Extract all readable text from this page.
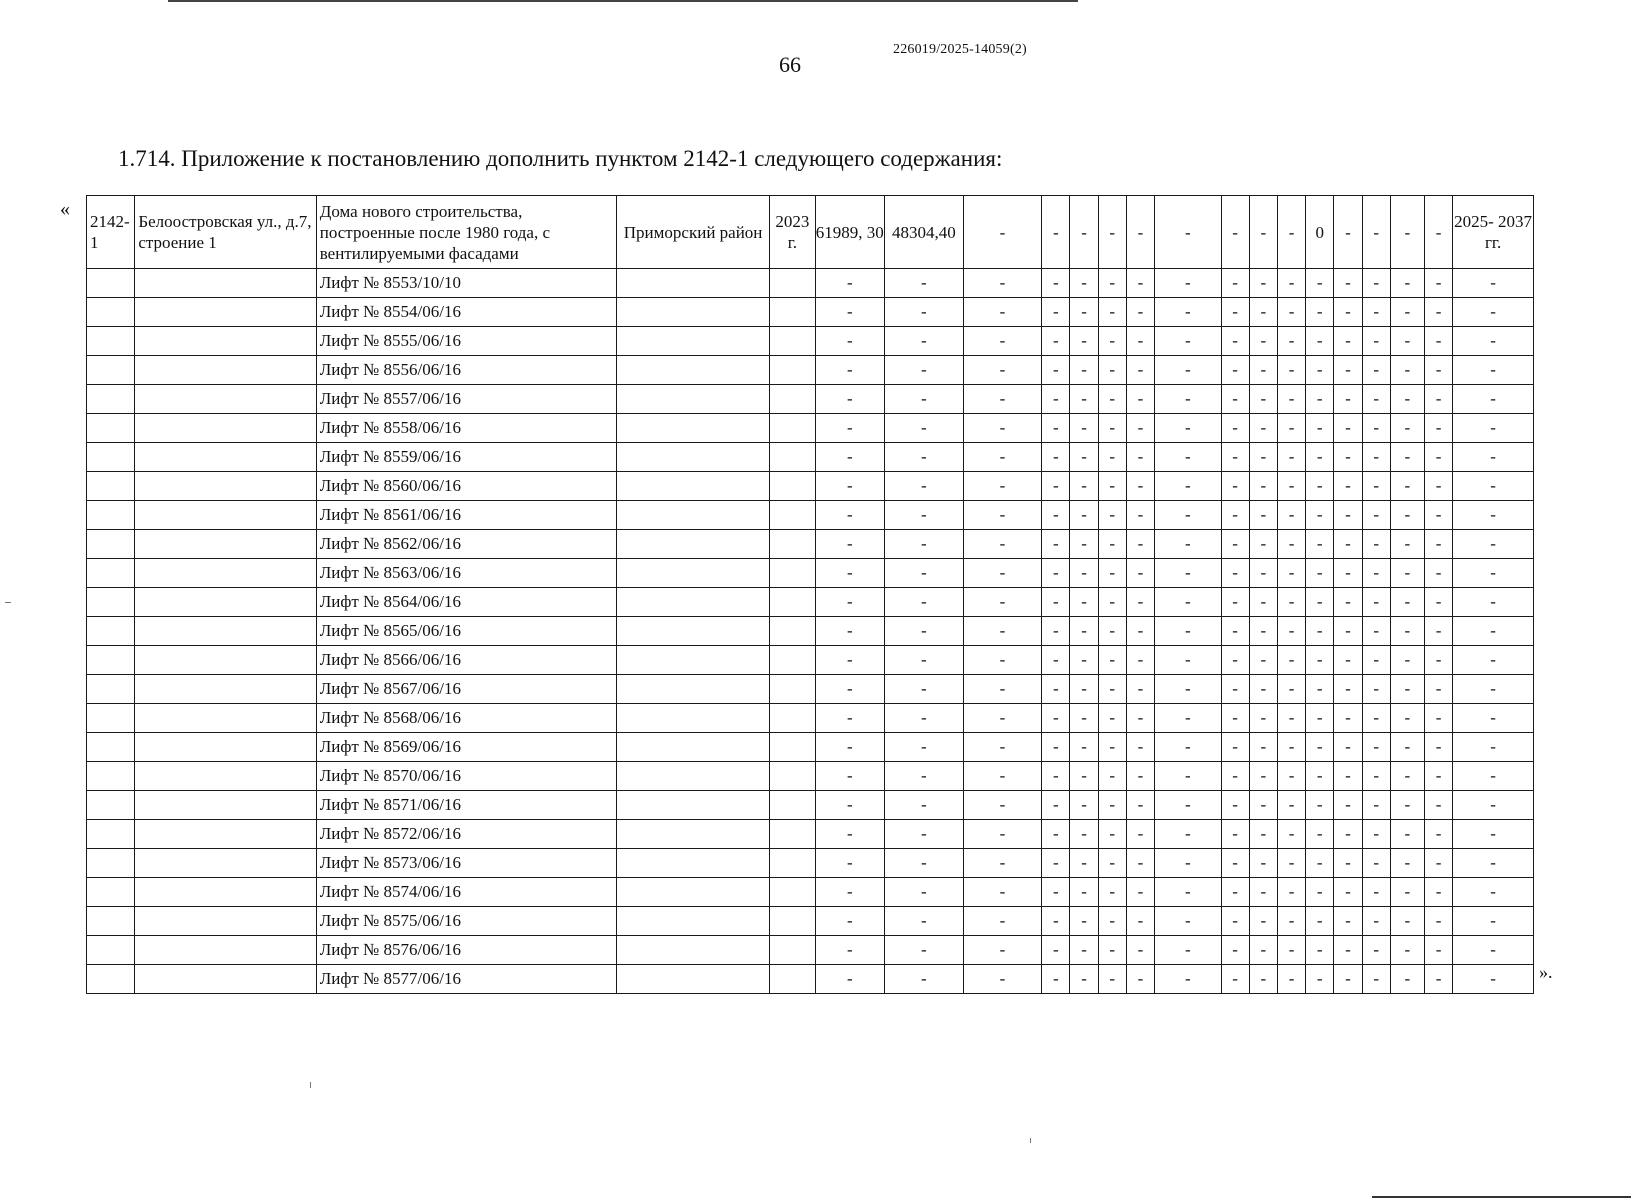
66
226019/2025-14059(2)
1.714. Приложение к постановлению дополнить пунктом 2142-1 следующего содержания:
«
».
2142-1	Белоостровская ул., д.7, строение 1	Дома нового строительства, построенные после 1980 года, с вентилируемыми фасадами	Приморский район	2023 г.	61989, 30	48304,40	-	-	-	-	-	-	-	-	-	0	-	-	-	-	2025- 2037 гг.
		Лифт № 8553/10/10			-	-	-	-	-	-	-	-	-	-	-	-	-	-	-	-	-
		Лифт № 8554/06/16			-	-	-	-	-	-	-	-	-	-	-	-	-	-	-	-	-
		Лифт № 8555/06/16			-	-	-	-	-	-	-	-	-	-	-	-	-	-	-	-	-
		Лифт № 8556/06/16			-	-	-	-	-	-	-	-	-	-	-	-	-	-	-	-	-
		Лифт № 8557/06/16			-	-	-	-	-	-	-	-	-	-	-	-	-	-	-	-	-
		Лифт № 8558/06/16			-	-	-	-	-	-	-	-	-	-	-	-	-	-	-	-	-
		Лифт № 8559/06/16			-	-	-	-	-	-	-	-	-	-	-	-	-	-	-	-	-
		Лифт № 8560/06/16			-	-	-	-	-	-	-	-	-	-	-	-	-	-	-	-	-
		Лифт № 8561/06/16			-	-	-	-	-	-	-	-	-	-	-	-	-	-	-	-	-
		Лифт № 8562/06/16			-	-	-	-	-	-	-	-	-	-	-	-	-	-	-	-	-
		Лифт № 8563/06/16			-	-	-	-	-	-	-	-	-	-	-	-	-	-	-	-	-
		Лифт № 8564/06/16			-	-	-	-	-	-	-	-	-	-	-	-	-	-	-	-	-
		Лифт № 8565/06/16			-	-	-	-	-	-	-	-	-	-	-	-	-	-	-	-	-
		Лифт № 8566/06/16			-	-	-	-	-	-	-	-	-	-	-	-	-	-	-	-	-
		Лифт № 8567/06/16			-	-	-	-	-	-	-	-	-	-	-	-	-	-	-	-	-
		Лифт № 8568/06/16			-	-	-	-	-	-	-	-	-	-	-	-	-	-	-	-	-
		Лифт № 8569/06/16			-	-	-	-	-	-	-	-	-	-	-	-	-	-	-	-	-
		Лифт № 8570/06/16			-	-	-	-	-	-	-	-	-	-	-	-	-	-	-	-	-
		Лифт № 8571/06/16			-	-	-	-	-	-	-	-	-	-	-	-	-	-	-	-	-
		Лифт № 8572/06/16			-	-	-	-	-	-	-	-	-	-	-	-	-	-	-	-	-
		Лифт № 8573/06/16			-	-	-	-	-	-	-	-	-	-	-	-	-	-	-	-	-
		Лифт № 8574/06/16			-	-	-	-	-	-	-	-	-	-	-	-	-	-	-	-	-
		Лифт № 8575/06/16			-	-	-	-	-	-	-	-	-	-	-	-	-	-	-	-	-
		Лифт № 8576/06/16			-	-	-	-	-	-	-	-	-	-	-	-	-	-	-	-	-
		Лифт № 8577/06/16			-	-	-	-	-	-	-	-	-	-	-	-	-	-	-	-	-
